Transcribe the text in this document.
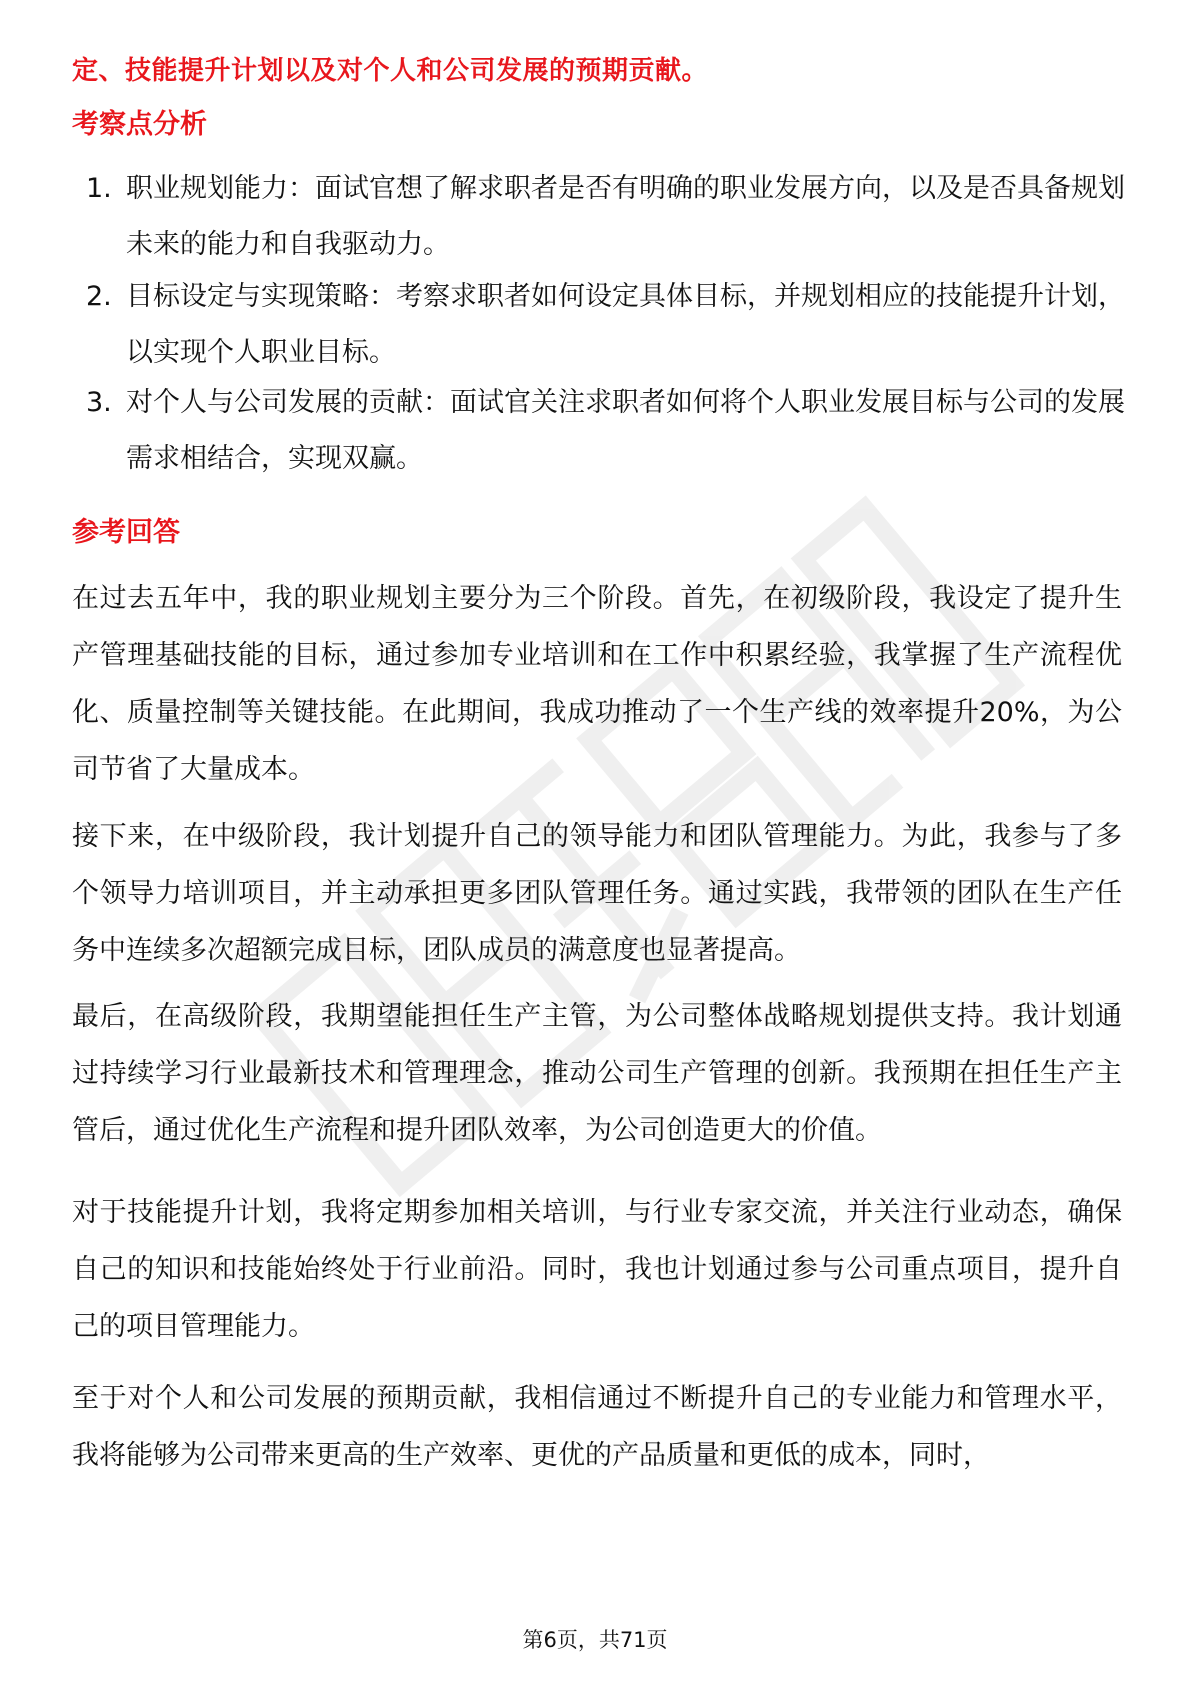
定、技能提升计划以及对个人和公司发展的预期贡献。
考察点分析
1. 职业规划能力：面试官想了解求职者是否有明确的职业发展方向，以及是否具备规划未来的能力和自我驱动力。
2. 目标设定与实现策略：考察求职者如何设定具体目标，并规划相应的技能提升计划，以实现个人职业目标。
3. 对个人与公司发展的贡献：面试官关注求职者如何将个人职业发展目标与公司的发展需求相结合，实现双赢。
参考回答
在过去五年中，我的职业规划主要分为三个阶段。首先，在初级阶段，我设定了提升生产管理基础技能的目标，通过参加专业培训和在工作中积累经验，我掌握了生产流程优化、质量控制等关键技能。在此期间，我成功推动了一个生产线的效率提升20%，为公司节省了大量成本。
接下来，在中级阶段，我计划提升自己的领导能力和团队管理能力。为此，我参与了多个领导力培训项目，并主动承担更多团队管理任务。通过实践，我带领的团队在生产任务中连续多次超额完成目标，团队成员的满意度也显著提高。
最后，在高级阶段，我期望能担任生产主管，为公司整体战略规划提供支持。我计划通过持续学习行业最新技术和管理理念，推动公司生产管理的创新。我预期在担任生产主管后，通过优化生产流程和提升团队效率，为公司创造更大的价值。
对于技能提升计划，我将定期参加相关培训，与行业专家交流，并关注行业动态，确保自己的知识和技能始终处于行业前沿。同时，我也计划通过参与公司重点项目，提升自己的项目管理能力。
至于对个人和公司发展的预期贡献，我相信通过不断提升自己的专业能力和管理水平，我将能够为公司带来更高的生产效率、更优的产品质量和更低的成本，同时，
第6页，共71页
